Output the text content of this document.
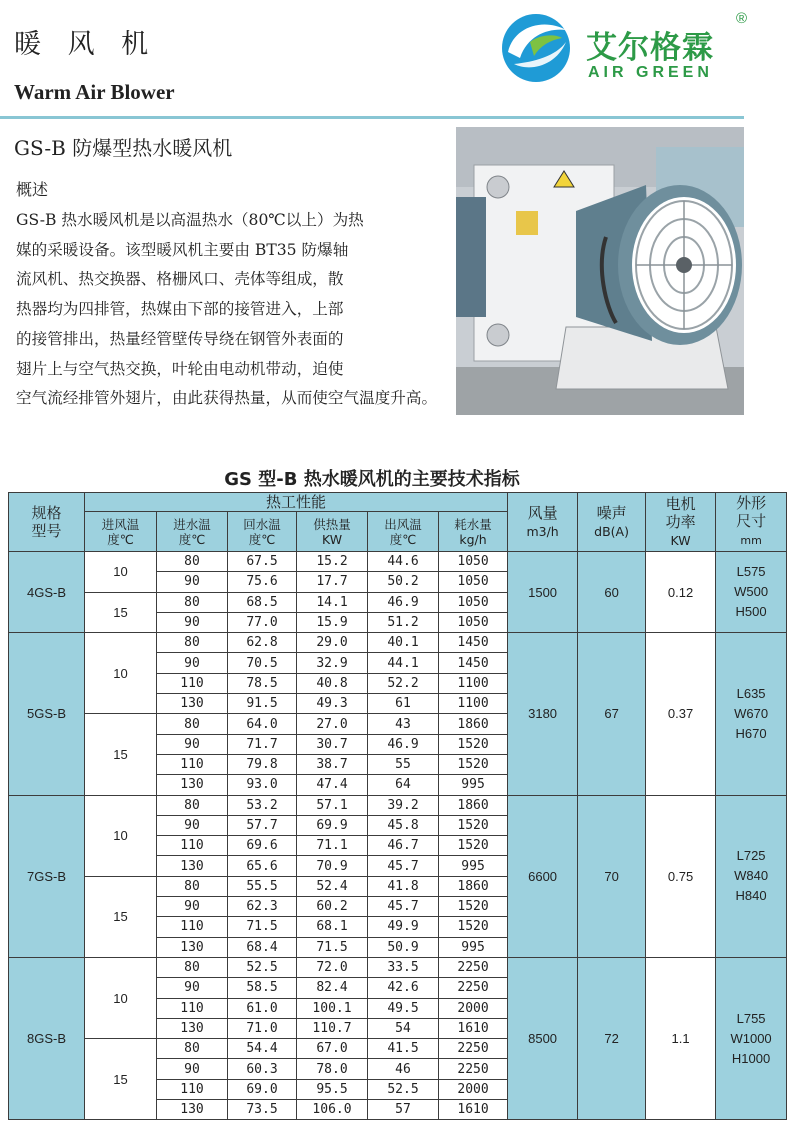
暖 风 机
Warm Air Blower
艾尔格霖
AIR GREEN
®
GS-B 防爆型热水暖风机
概述
GS-B 热水暖风机是以高温热水（80℃以上）为热
媒的采暖设备。该型暖风机主要由 BT35 防爆轴
流风机、热交换器、格栅风口、壳体等组成，散
热器均为四排管，热媒由下部的接管进入，上部
的接管排出，热量经管壁传导绕在钢管外表面的
翅片上与空气热交换，叶轮由电动机带动，迫使
空气流经排管外翅片，由此获得热量，从而使空气温度升高。
GS 型-B 热水暖风机的主要技术指标
规格
型号	热工性能						风量
m3/h	噪声
dB(A)	电机
功率
KW	外形
尺寸
mm
	进风温
度℃	进水温
度℃	回水温
度℃	供热量
KW	出风温
度℃	耗水量
kg/h				
4GS-B	10	80	67.5	15.2	44.6	1050	1500	60	0.12	L575
W500
H500

		90	75.6	17.7	50.2	1050				
	15	80	68.5	14.1	46.9	1050				
		90	77.0	15.9	51.2	1050				
5GS-B	10	80	62.8	29.0	40.1	1450	3180	67	0.37	L635
W670
H670

		90	70.5	32.9	44.1	1450				
		110	78.5	40.8	52.2	1100				
		130	91.5	49.3	61	1100				
	15	80	64.0	27.0	43	1860				
		90	71.7	30.7	46.9	1520				
		110	79.8	38.7	55	1520				
		130	93.0	47.4	64	995				
7GS-B	10	80	53.2	57.1	39.2	1860	6600	70	0.75	L725
W840
H840

		90	57.7	69.9	45.8	1520				
		110	69.6	71.1	46.7	1520				
		130	65.6	70.9	45.7	995				
	15	80	55.5	52.4	41.8	1860				
		90	62.3	60.2	45.7	1520				
		110	71.5	68.1	49.9	1520				
		130	68.4	71.5	50.9	995				
8GS-B	10	80	52.5	72.0	33.5	2250	8500	72	1.1	L755
W1000
H1000

		90	58.5	82.4	42.6	2250				
		110	61.0	100.1	49.5	2000				
		130	71.0	110.7	54	1610				
	15	80	54.4	67.0	41.5	2250				
		90	60.3	78.0	46	2250				
		110	69.0	95.5	52.5	2000				
		130	73.5	106.0	57	1610				
